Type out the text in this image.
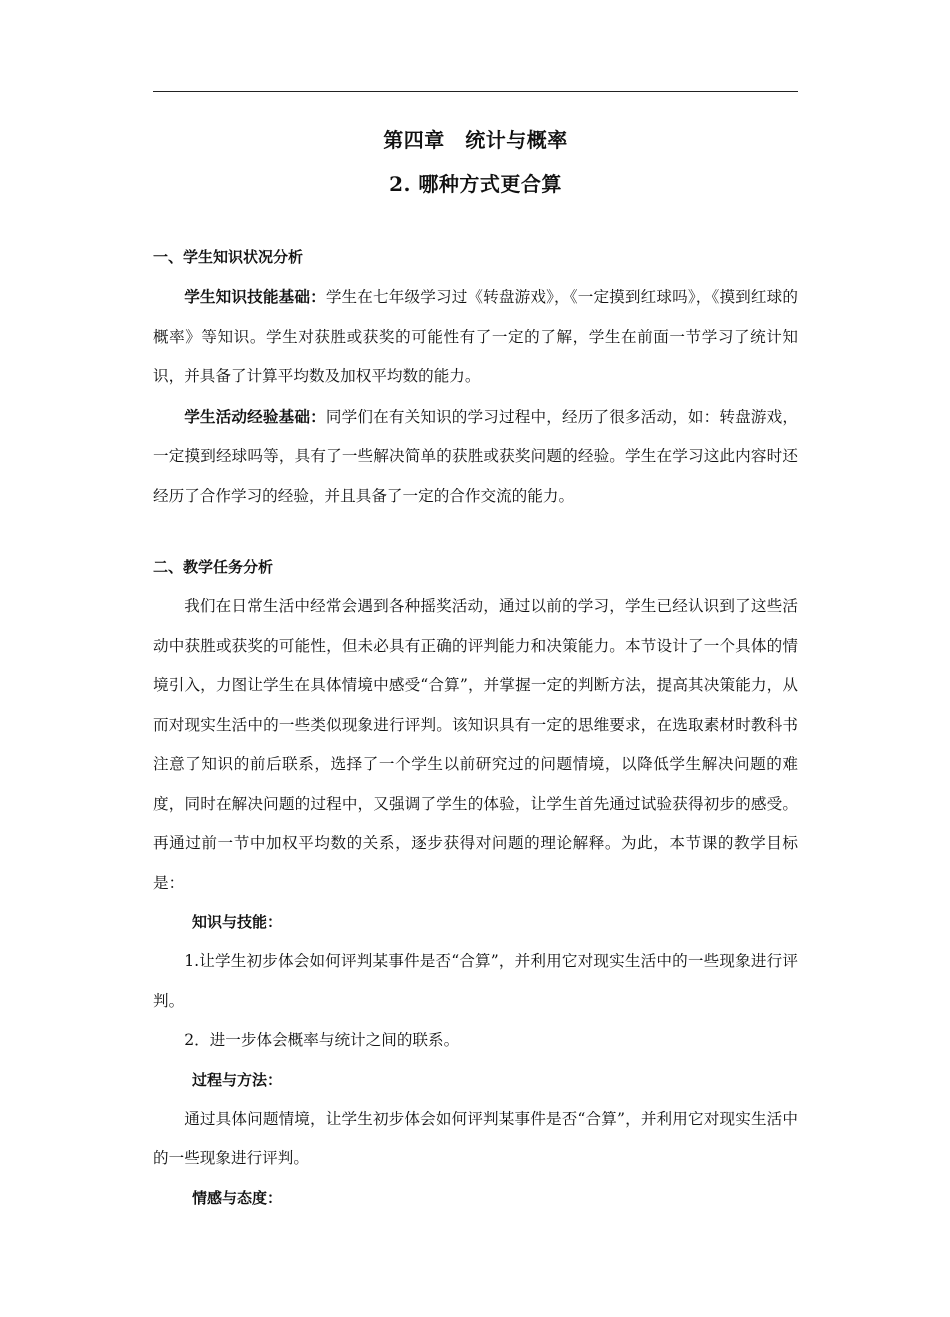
第四章　统计与概率
2. 哪种方式更合算

一、学生知识状况分析

学生知识技能基础：学生在七年级学习过《转盘游戏》，《一定摸到红球吗》，《摸到红球的概率》等知识。学生对获胜或获奖的可能性有了一定的了解，学生在前面一节学习了统计知识，并具备了计算平均数及加权平均数的能力。

学生活动经验基础：同学们在有关知识的学习过程中，经历了很多活动，如：转盘游戏，一定摸到经球吗等，具有了一些解决简单的获胜或获奖问题的经验。学生在学习这此内容时还经历了合作学习的经验，并且具备了一定的合作交流的能力。

二、教学任务分析

我们在日常生活中经常会遇到各种摇奖活动，通过以前的学习，学生已经认识到了这些活动中获胜或获奖的可能性，但未必具有正确的评判能力和决策能力。本节设计了一个具体的情境引入，力图让学生在具体情境中感受“合算”，并掌握一定的判断方法，提高其决策能力，从而对现实生活中的一些类似现象进行评判。该知识具有一定的思维要求，在选取素材时教科书注意了知识的前后联系，选择了一个学生以前研究过的问题情境，以降低学生解决问题的难度，同时在解决问题的过程中，又强调了学生的体验，让学生首先通过试验获得初步的感受。再通过前一节中加权平均数的关系，逐步获得对问题的理论解释。为此，本节课的教学目标是：

知识与技能：

1.让学生初步体会如何评判某事件是否“合算”，并利用它对现实生活中的一些现象进行评判。

2．进一步体会概率与统计之间的联系。

过程与方法：

通过具体问题情境，让学生初步体会如何评判某事件是否“合算”，并利用它对现实生活中的一些现象进行评判。

情感与态度：
